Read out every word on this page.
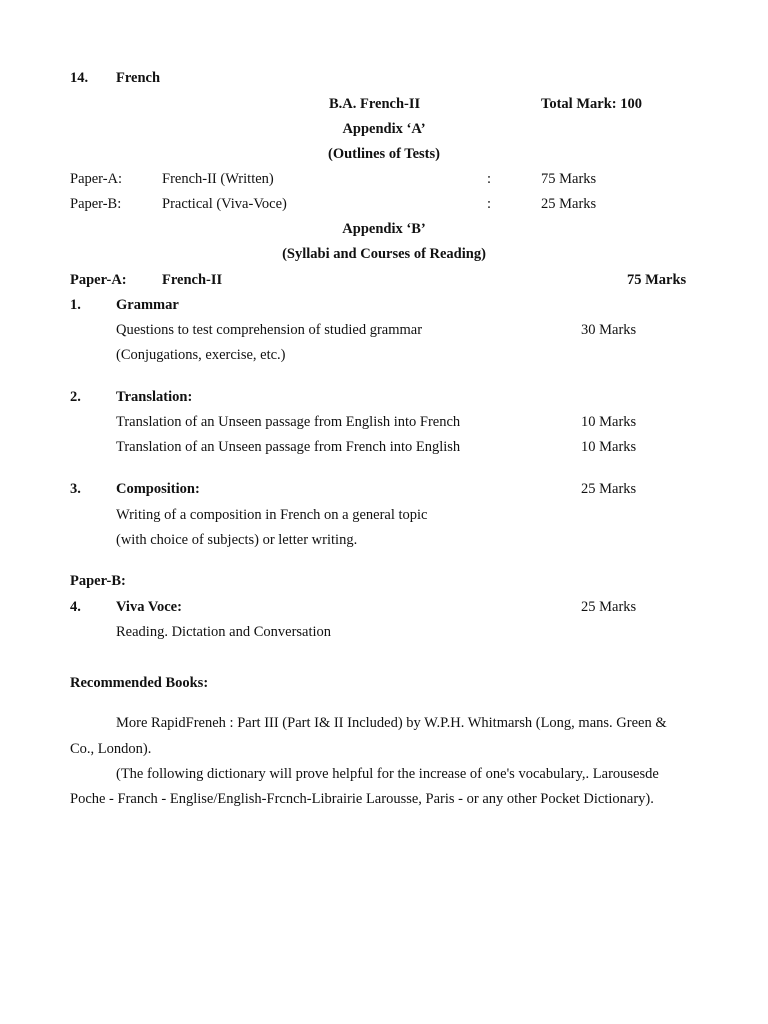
14. French
B.A. French-II	Total Mark: 100
Appendix ‘A’
(Outlines of Tests)
Paper-A:	French-II (Written)	:	75 Marks
Paper-B:	Practical (Viva-Voce)	:	25 Marks
Appendix ‘B’
(Syllabi and Courses of Reading)
Paper-A: French-II	75 Marks
1. Grammar
Questions to test comprehension of studied grammar	30 Marks
(Conjugations, exercise, etc.)
2. Translation:
Translation of an Unseen passage from English into French	10 Marks
Translation of an Unseen passage from French into English	10 Marks
3. Composition:	25 Marks
Writing of a composition in French on a general topic
(with choice of subjects) or letter writing.
Paper-B:
4. Viva Voce:	25 Marks
Reading. Dictation and Conversation
Recommended Books:
More RapidFreneh : Part III (Part I& II Included) by W.P.H. Whitmarsh (Long, mans. Green &
Co., London).
(The following dictionary will prove helpful for the increase of one's vocabulary,. Larousesde
Poche - Franch - Englise/English-Frcnch-Librairie Larousse, Paris - or any other Pocket Dictionary).
